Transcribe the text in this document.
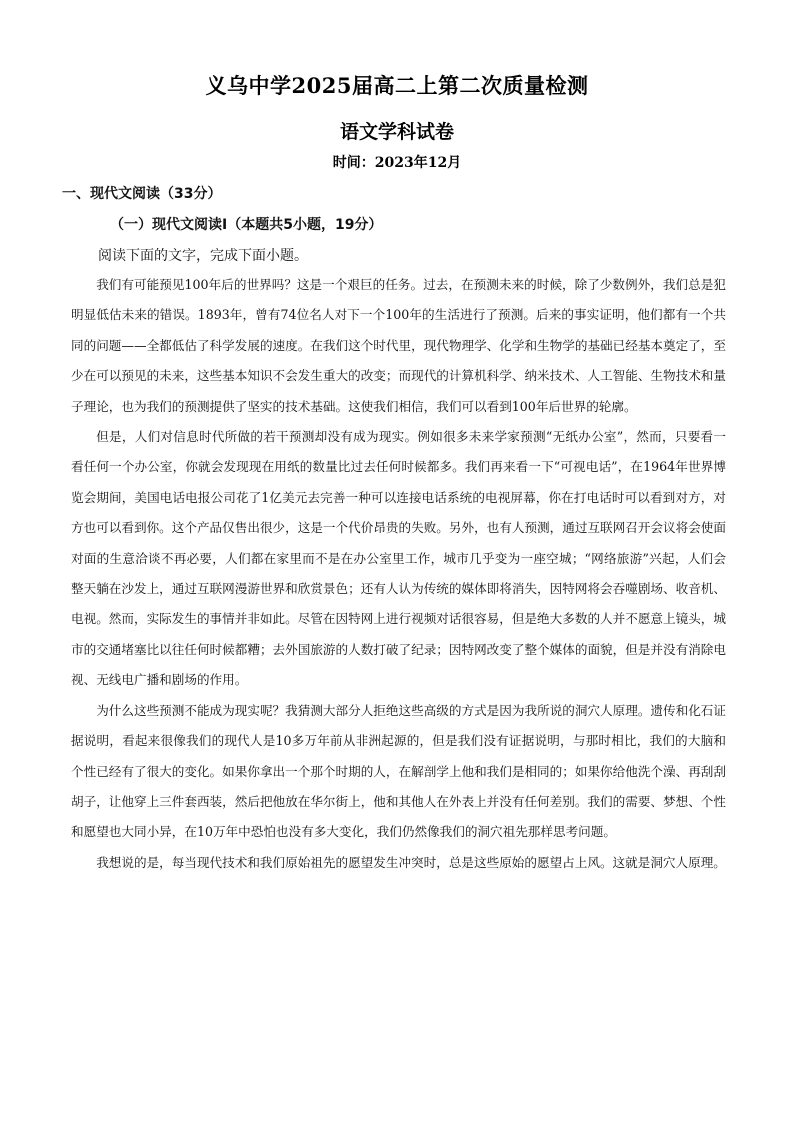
义乌中学2025届高二上第二次质量检测
语文学科试卷
时间：2023年12月
一、现代文阅读（33分）
（一）现代文阅读Ⅰ（本题共5小题，19分）
阅读下面的文字，完成下面小题。

我们有可能预见100年后的世界吗？这是一个艰巨的任务。过去，在预测未来的时候，除了少数例外，我们总是犯明显低估未来的错误。1893年，曾有74位名人对下一个100年的生活进行了预测。后来的事实证明，他们都有一个共同的问题——全都低估了科学发展的速度。在我们这个时代里，现代物理学、化学和生物学的基础已经基本奠定了，至少在可以预见的未来，这些基本知识不会发生重大的改变；而现代的计算机科学、纳米技术、人工智能、生物技术和量子理论，也为我们的预测提供了坚实的技术基础。这使我们相信，我们可以看到100年后世界的轮廓。

但是，人们对信息时代所做的若干预测却没有成为现实。例如很多未来学家预测“无纸办公室”，然而，只要看一看任何一个办公室，你就会发现现在用纸的数量比过去任何时候都多。我们再来看一下“可视电话”，在1964年世界博览会期间，美国电话电报公司花了1亿美元去完善一种可以连接电话系统的电视屏幕，你在打电话时可以看到对方，对方也可以看到你。这个产品仅售出很少，这是一个代价昂贵的失败。另外，也有人预测，通过互联网召开会议将会使面对面的生意洽谈不再必要，人们都在家里而不是在办公室里工作，城市几乎变为一座空城；“网络旅游”兴起，人们会整天躺在沙发上，通过互联网漫游世界和欣赏景色；还有人认为传统的媒体即将消失，因特网将会吞噬剧场、收音机、电视。然而，实际发生的事情并非如此。尽管在因特网上进行视频对话很容易，但是绝大多数的人并不愿意上镜头，城市的交通堵塞比以往任何时候都糟；去外国旅游的人数打破了纪录；因特网改变了整个媒体的面貌，但是并没有消除电视、无线电广播和剧场的作用。

为什么这些预测不能成为现实呢？我猜测大部分人拒绝这些高级的方式是因为我所说的洞穴人原理。遗传和化石证据说明，看起来很像我们的现代人是10多万年前从非洲起源的，但是我们没有证据说明，与那时相比，我们的大脑和个性已经有了很大的变化。如果你拿出一个那个时期的人，在解剖学上他和我们是相同的；如果你给他洗个澡、再刮刮胡子，让他穿上三件套西装，然后把他放在华尔街上，他和其他人在外表上并没有任何差别。我们的需要、梦想、个性和愿望也大同小异，在10万年中恐怕也没有多大变化，我们仍然像我们的洞穴祖先那样思考问题。

我想说的是，每当现代技术和我们原始祖先的愿望发生冲突时，总是这些原始的愿望占上风。这就是洞穴人原理。
